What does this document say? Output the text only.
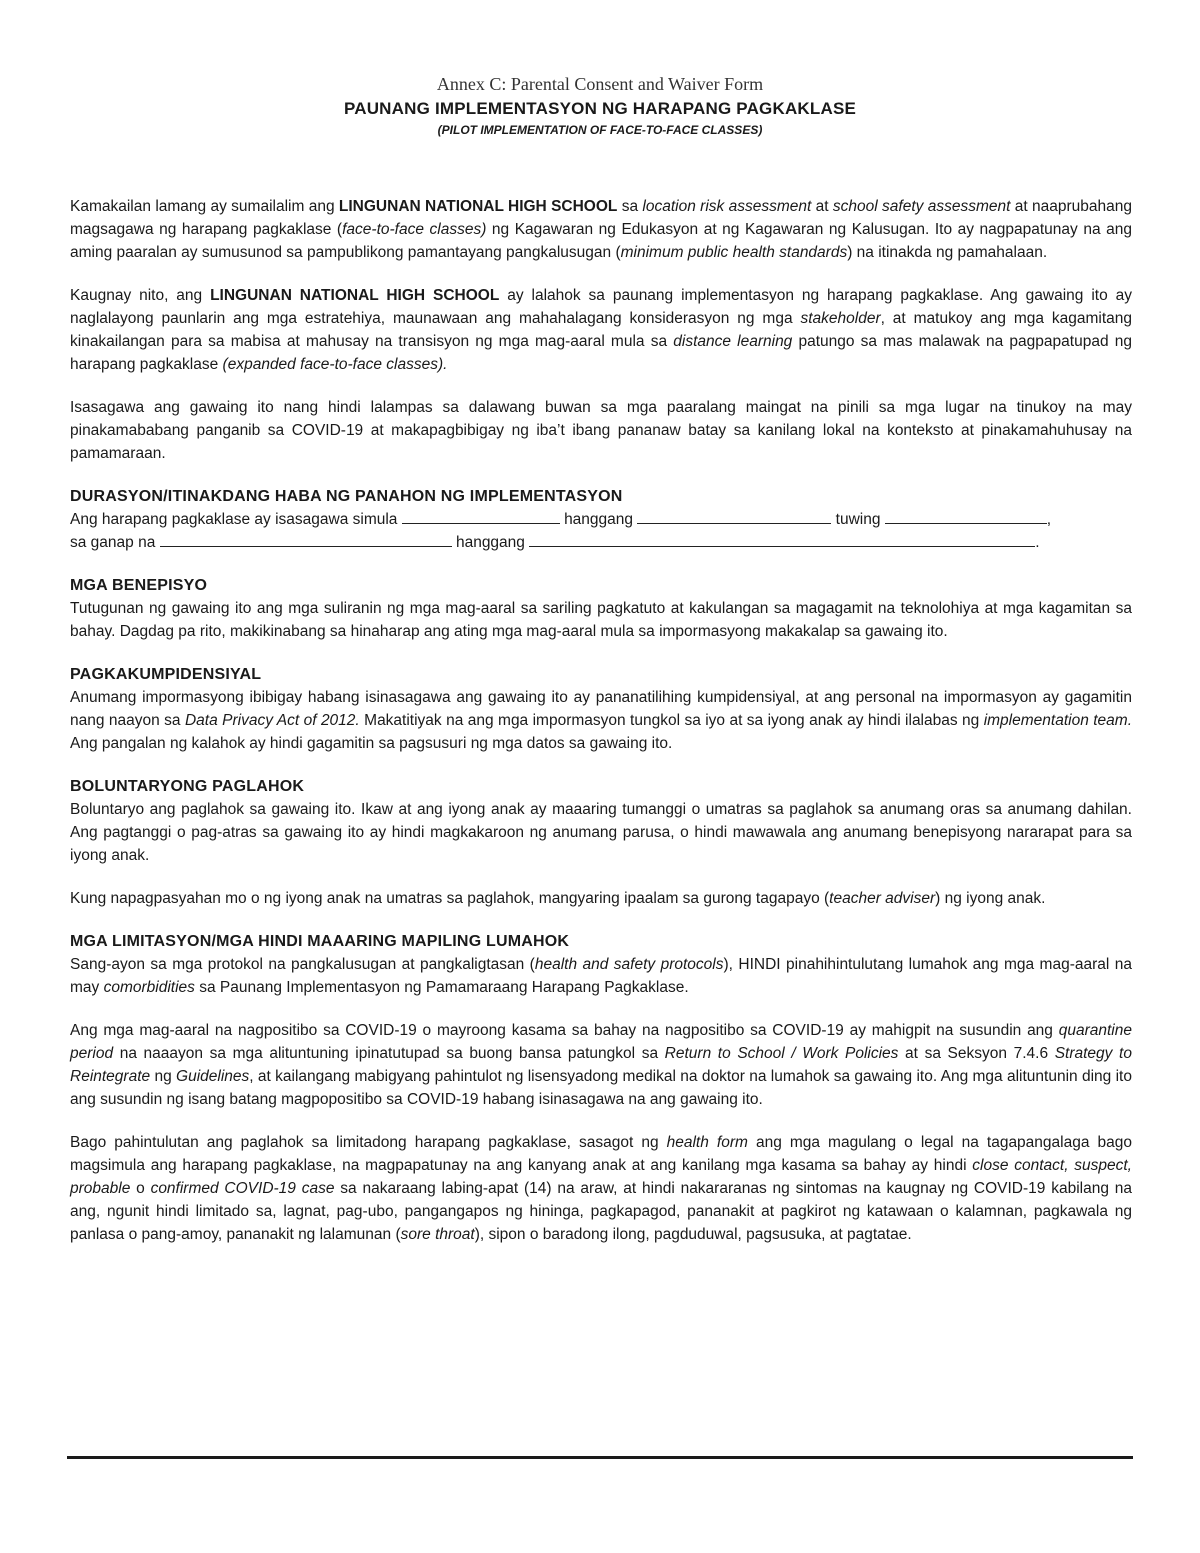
Annex C: Parental Consent and Waiver Form

PAUNANG IMPLEMENTASYON NG HARAPANG PAGKAKLASE

(PILOT IMPLEMENTATION OF FACE-TO-FACE CLASSES)

Kamakailan lamang ay sumailalim ang LINGUNAN NATIONAL HIGH SCHOOL sa location risk assessment at school safety assessment at naaprubahang magsagawa ng harapang pagkaklase (face-to-face classes) ng Kagawaran ng Edukasyon at ng Kagawaran ng Kalusugan. Ito ay nagpapatunay na ang aming paaralan ay sumusunod sa pampublikong pamantayang pangkalusugan (minimum public health standards) na itinakda ng pamahalaan.

Kaugnay nito, ang LINGUNAN NATIONAL HIGH SCHOOL ay lalahok sa paunang implementasyon ng harapang pagkaklase. Ang gawaing ito ay naglalayong paunlarin ang mga estratehiya, maunawaan ang mahahalagang konsiderasyon ng mga stakeholder, at matukoy ang mga kagamitang kinakailangan para sa mabisa at mahusay na transisyon ng mga mag-aaral mula sa distance learning patungo sa mas malawak na pagpapatupad ng harapang pagkaklase (expanded face-to-face classes).

Isasagawa ang gawaing ito nang hindi lalampas sa dalawang buwan sa mga paaralang maingat na pinili sa mga lugar na tinukoy na may pinakamababang panganib sa COVID-19 at makapagbibigay ng iba’t ibang pananaw batay sa kanilang lokal na konteksto at pinakamahuhusay na pamamaraan.

DURASYON/ITINAKDANG HABA NG PANAHON NG IMPLEMENTASYON

Ang harapang pagkaklase ay isasagawa simula	hanggang	tuwing	,

sa ganap na	hanggang	.

MGA BENEPISYO

Tutugunan ng gawaing ito ang mga suliranin ng mga mag-aaral sa sariling pagkatuto at kakulangan sa magagamit na teknolohiya at mga kagamitan sa bahay. Dagdag pa rito, makikinabang sa hinaharap ang ating mga mag-aaral mula sa impormasyong makakalap sa gawaing ito.

PAGKAKUMPIDENSIYAL

Anumang impormasyong ibibigay habang isinasagawa ang gawaing ito ay pananatilihing kumpidensiyal, at ang personal na impormasyon ay gagamitin nang naayon sa Data Privacy Act of 2012. Makatitiyak na ang mga impormasyon tungkol sa iyo at sa iyong anak ay hindi ilalabas ng implementation team. Ang pangalan ng kalahok ay hindi gagamitin sa pagsusuri ng mga datos sa gawaing ito.

BOLUNTARYONG PAGLAHOK

Boluntaryo ang paglahok sa gawaing ito. Ikaw at ang iyong anak ay maaaring tumanggi o umatras sa paglahok sa anumang oras sa anumang dahilan. Ang pagtanggi o pag-atras sa gawaing ito ay hindi magkakaroon ng anumang parusa, o hindi mawawala ang anumang benepisyong nararapat para sa iyong anak.

Kung napagpasyahan mo o ng iyong anak na umatras sa paglahok, mangyaring ipaalam sa gurong tagapayo (teacher adviser) ng iyong anak.

MGA LIMITASYON/MGA HINDI MAAARING MAPILING LUMAHOK

Sang-ayon sa mga protokol na pangkalusugan at pangkaligtasan (health and safety protocols), HINDI pinahihintulutang lumahok ang mga mag-aaral na may comorbidities sa Paunang Implementasyon ng Pamamaraang Harapang Pagkaklase.

Ang mga mag-aaral na nagpositibo sa COVID-19 o mayroong kasama sa bahay na nagpositibo sa COVID-19 ay mahigpit na susundin ang quarantine period na naaayon sa mga alituntuning ipinatutupad sa buong bansa patungkol sa Return to School / Work Policies at sa Seksyon 7.4.6 Strategy to Reintegrate ng Guidelines, at kailangang mabigyang pahintulot ng lisensyadong medikal na doktor na lumahok sa gawaing ito. Ang mga alituntunin ding ito ang susundin ng isang batang magpopositibo sa COVID-19 habang isinasagawa na ang gawaing ito.

Bago pahintulutan ang paglahok sa limitadong harapang pagkaklase, sasagot ng health form ang mga magulang o legal na tagapangalaga bago magsimula ang harapang pagkaklase, na magpapatunay na ang kanyang anak at ang kanilang mga kasama sa bahay ay hindi close contact, suspect, probable o confirmed COVID-19 case sa nakaraang labing-apat (14) na araw, at hindi nakararanas ng sintomas na kaugnay ng COVID-19 kabilang na ang, ngunit hindi limitado sa, lagnat, pag-ubo, pangangapos ng hininga, pagkapagod, pananakit at pagkirot ng katawaan o kalamnan, pagkawala ng panlasa o pang-amoy, pananakit ng lalamunan (sore throat), sipon o baradong ilong, pagduduwal, pagsusuka, at pagtatae.
